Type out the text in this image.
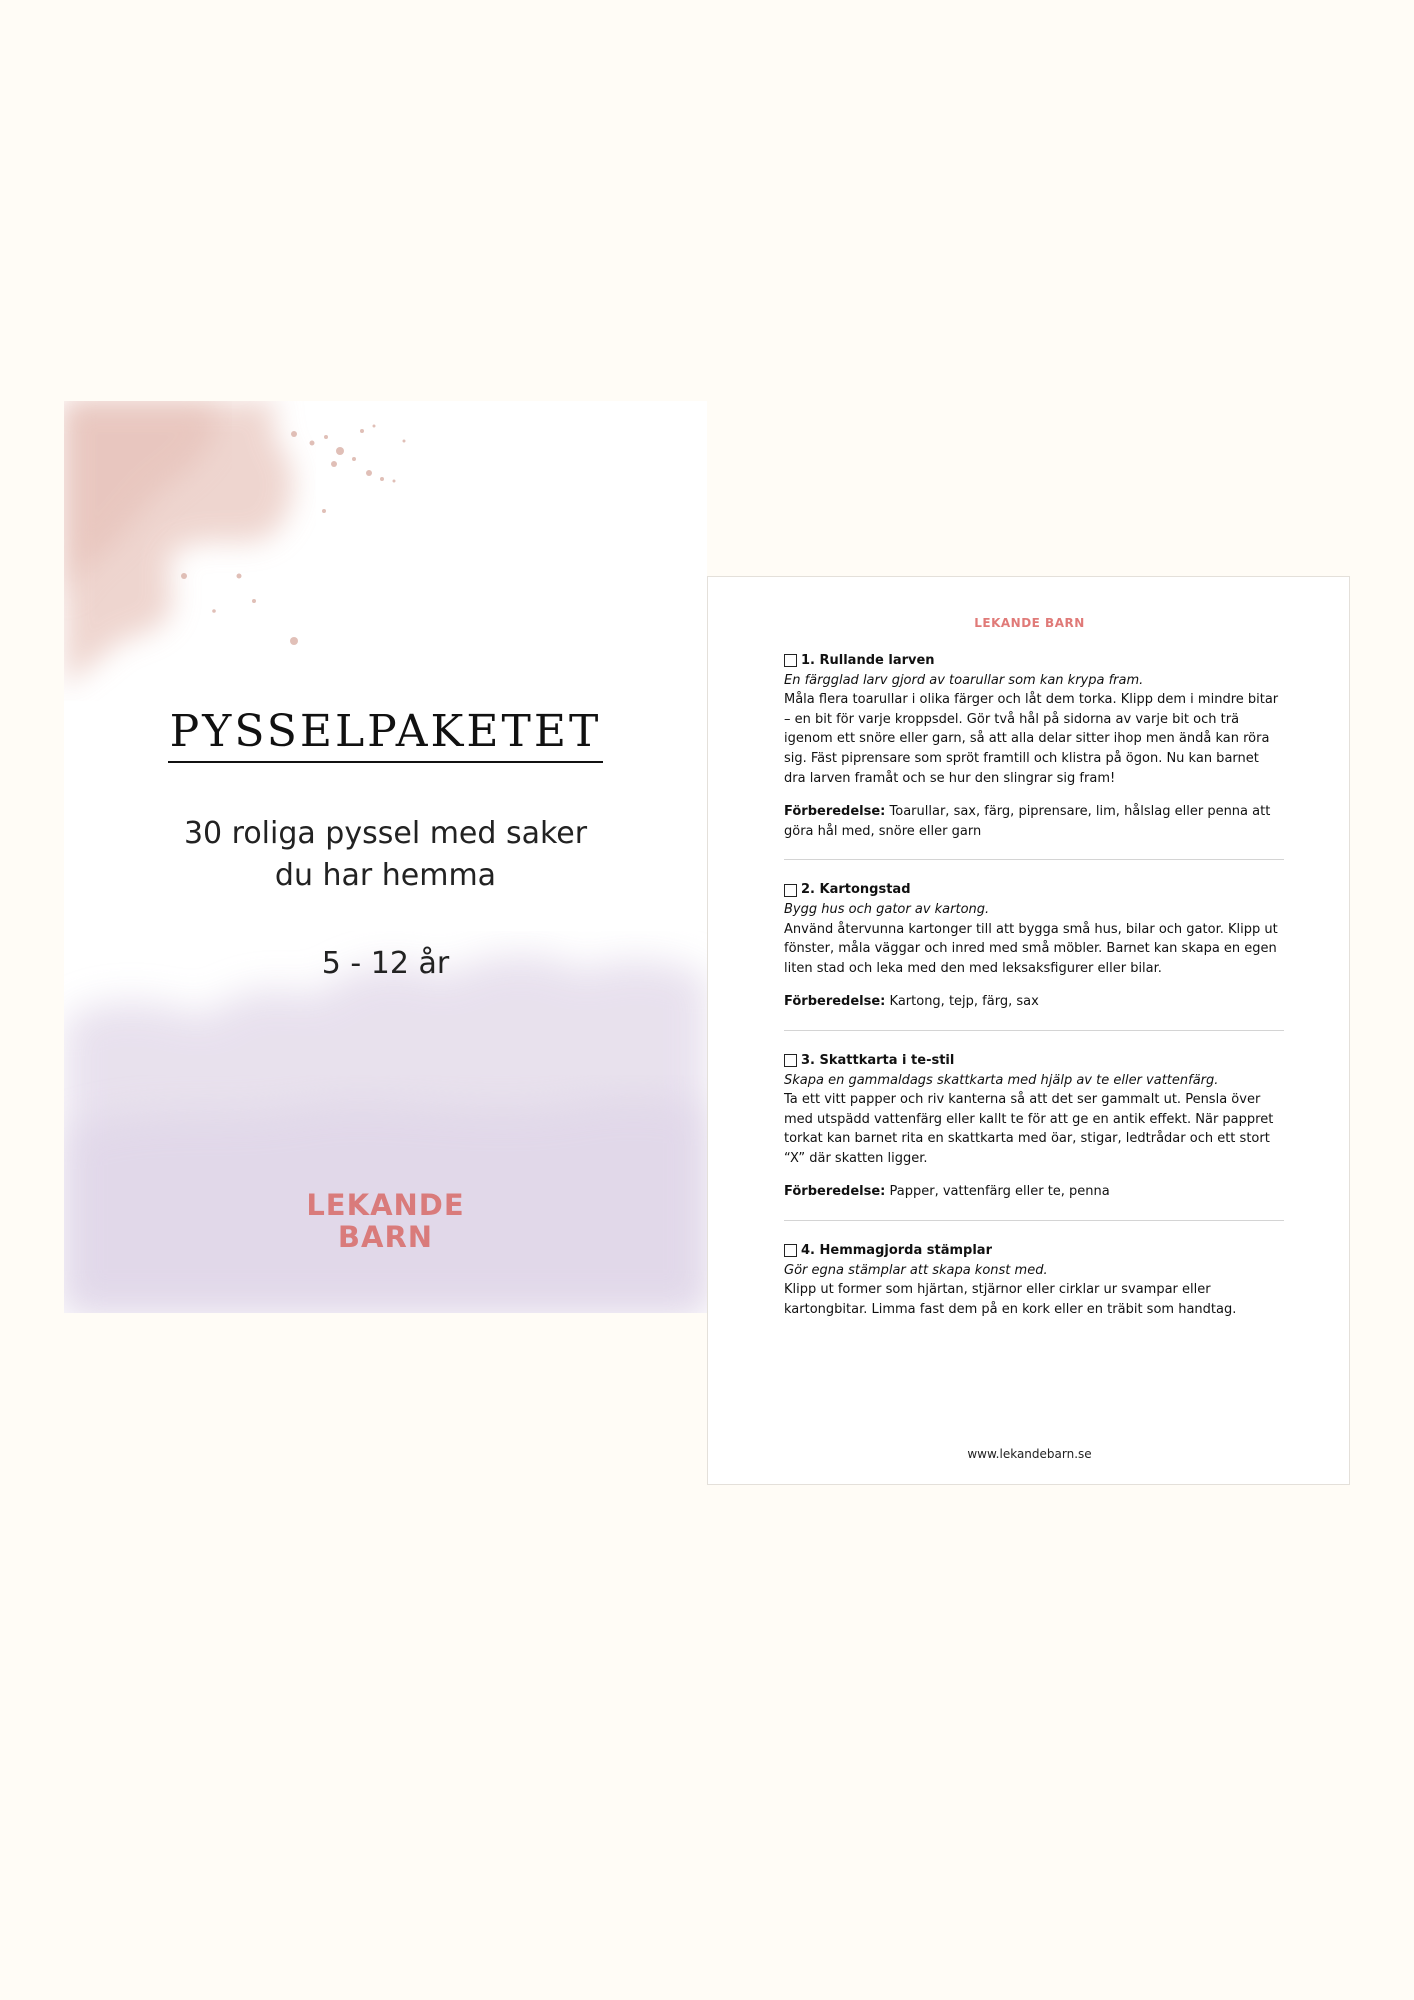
PYSSELPAKETET
30 roliga pyssel med saker
du har hemma
5 - 12 år
LEKANDE
BARN
LEKANDE BARN
1. Rullande larven
En färgglad larv gjord av toarullar som kan krypa fram.
Måla flera toarullar i olika färger och låt dem torka. Klipp dem i mindre bitar – en bit för varje kroppsdel. Gör två hål på sidorna av varje bit och trä igenom ett snöre eller garn, så att alla delar sitter ihop men ändå kan röra sig. Fäst piprensare som spröt framtill och klistra på ögon. Nu kan barnet dra larven framåt och se hur den slingrar sig fram!
Förberedelse: Toarullar, sax, färg, piprensare, lim, hålslag eller penna att göra hål med, snöre eller garn
2. Kartongstad
Bygg hus och gator av kartong.
Använd återvunna kartonger till att bygga små hus, bilar och gator. Klipp ut fönster, måla väggar och inred med små möbler. Barnet kan skapa en egen liten stad och leka med den med leksaksfigurer eller bilar.
Förberedelse: Kartong, tejp, färg, sax
3. Skattkarta i te-stil
Skapa en gammaldags skattkarta med hjälp av te eller vattenfärg.
Ta ett vitt papper och riv kanterna så att det ser gammalt ut. Pensla över med utspädd vattenfärg eller kallt te för att ge en antik effekt. När pappret torkat kan barnet rita en skattkarta med öar, stigar, ledtrådar och ett stort “X” där skatten ligger.
Förberedelse: Papper, vattenfärg eller te, penna
4. Hemmagjorda stämplar
Gör egna stämplar att skapa konst med.
Klipp ut former som hjärtan, stjärnor eller cirklar ur svampar eller kartongbitar. Limma fast dem på en kork eller en träbit som handtag.
www.lekandebarn.se
